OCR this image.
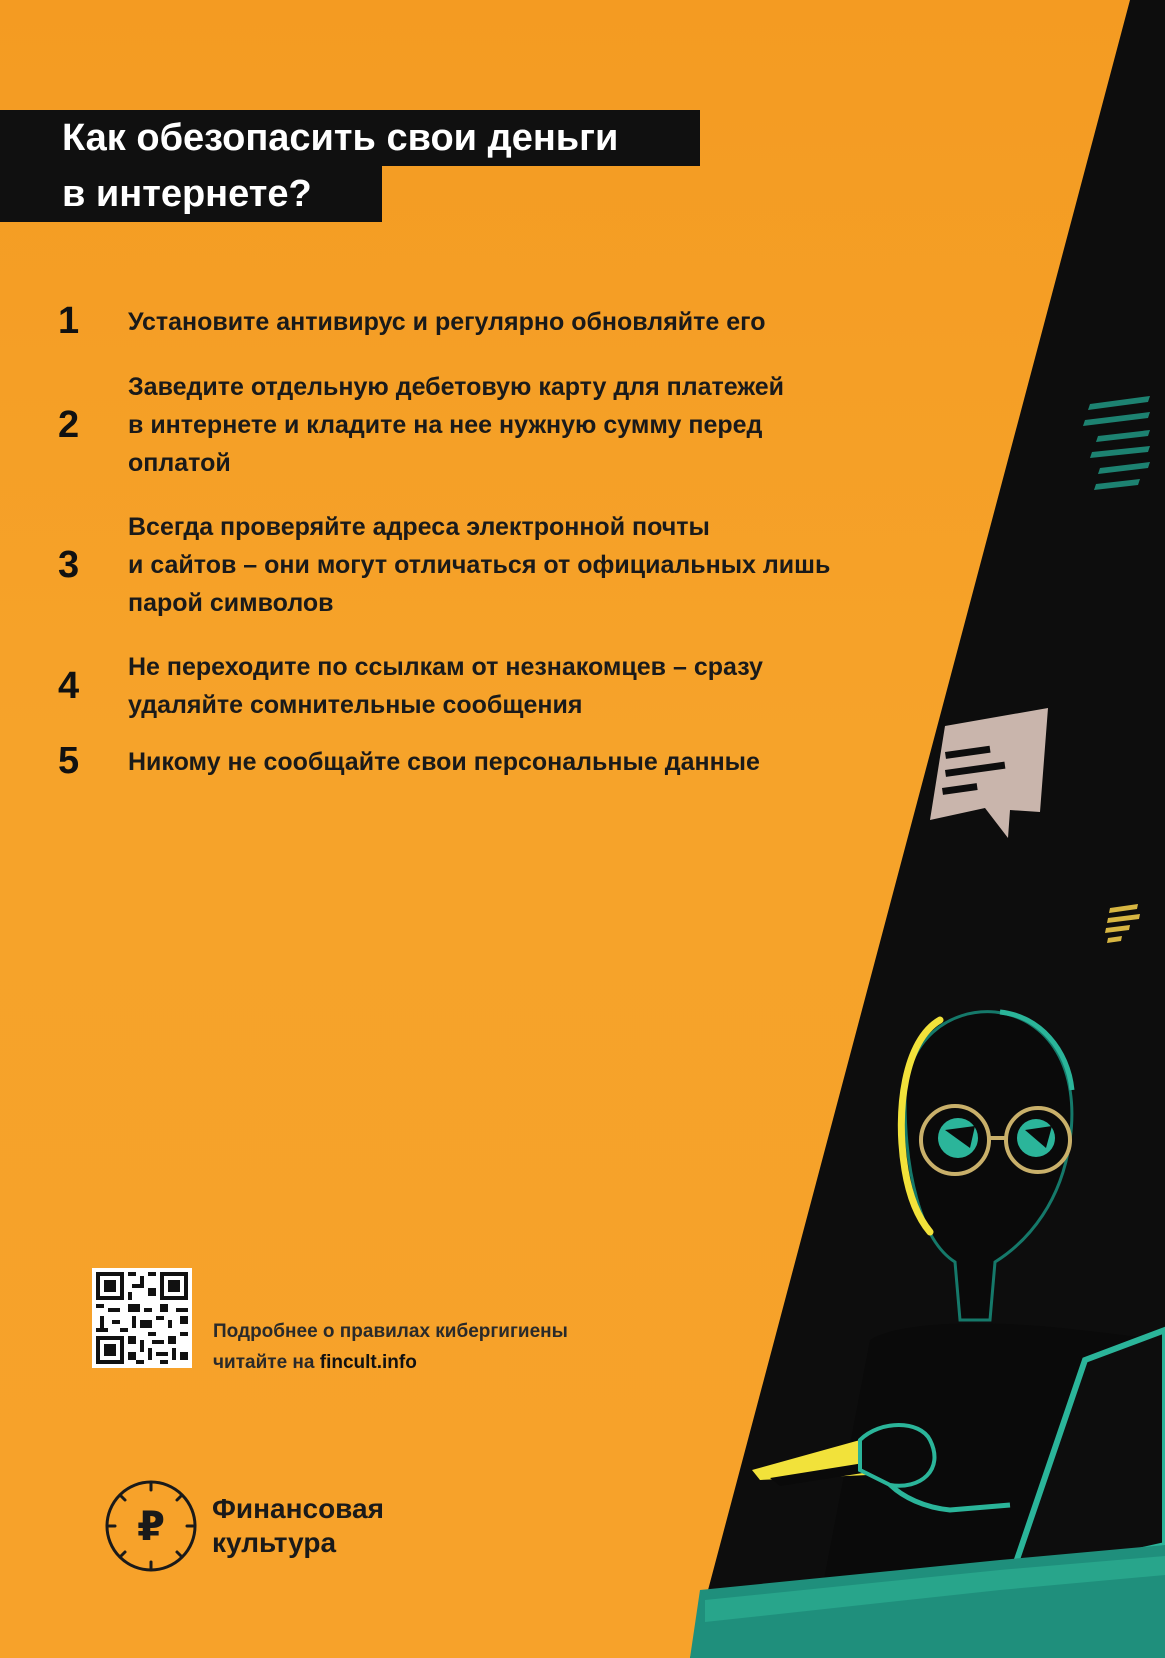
Как обезопасить свои деньги
в интернете?
1	Установите антивирус и регулярно обновляйте его
2
Заведите отдельную дебетовую карту для платежей
в интернете и кладите на нее нужную сумму перед
оплатой
3
Всегда проверяйте адреса электронной почты
и сайтов – они могут отличаться от официальных лишь
парой символов
4	Не переходите по ссылкам от незнакомцев – сразу
удаляйте сомнительные сообщения
5	Никому не сообщайте свои персональные данные
Подробнее о правилах кибергигиены
читайте на fincult.info
₽ Финансовая
культура
